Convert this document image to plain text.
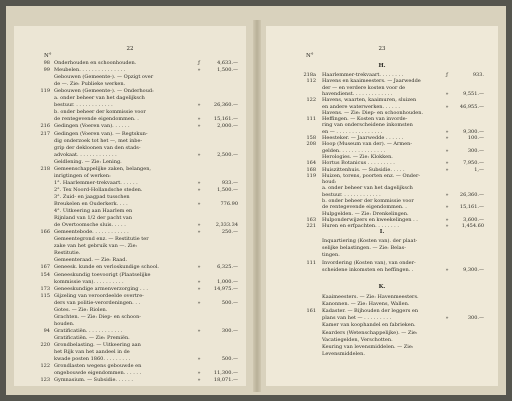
22
N°
98 Onderhouden en schoonhouden.	ƒ	4,633.—
99 Meubelen. . . . . . . . . . . . . . .	»	1,500.—
Gebouwen (Gemeente-). — Opzigt over
de —. Zie: Publieke werken.
119 Gebouwen (Gemeente-). — Onderhoud:
a. onder beheer van het dagelijksch
bestuur. . . . . . . . . . . . .	»	26,360.—
b. onder beheer der kommissie voor
de rentegevende eigendommen. .	»	15,161.—
216 Gedingen (Voeren van). . . . . .	»	2,000.—
217 Gedingen (Voeren van). — Regtskun-
dig onderzoek tot het —, met inbe-
grip der dekloonen van den stads-
advokaat. . . . . . . . . . . . .	»	2,500.—
Geldlening. — Zie: Lening.
218 Gemeenschappelijke zaken, belangen,
inrigtingen of werken:
1°. Haarlemmer-trekvaart. . . . . .	»	933.—
2°. Tex Noord-Hollandsche steden.	»	1,500.—
3°. Zuid- en jaagpad tusschen
Breukelen en Ouderkerk. . . .	»	776.90
4°. Uitkeering aan Haarlem en
Rijnland van 1/2 der pacht van
de Overtoomsche sluis. . . . .	»	2,333.34
166 Gemeentebode. . . . . . . . . . . .	»	250.—
Gemeentegrond enz. — Restitutie ter
zake van het gebruik van —. Zie:
Restitutie.
Gemeenteraad. — Zie: Raad.
167 Geneesk. kunde en verloskundige school.	»	6,325.—
154 Geneeskundig toevoorigt (Plaatselijke
kommissie van). . . . . . . . . .	»	1,000.—
173 Geneeskundige armenverzorging . . .	»	14,975.—
115 Gijzeling van veroordeelde overtre-
ders van politie-verordeningen. . .	»	500.—
Gotes. — Zie: Riolen.
Grachten. — Zie: Diep- en schoon-
houden.
94 Gratificatiën. . . . . . . . . . . .	»	300.—
Gratificatiën. — Zie: Premiën.
220 Grondbelasting. — Uitkeering aan
het Rijk van het aandeel in de
kwade posten 1860. . . . . . . . .	»	500.—
122 Grondlasten wegens gebouwde en
ongebouwde eigendommen. . . . . .	»	11,300.—
123 Gymnasium. — Subsidie. . . . . .	»	18,071.—
23
N°
H.
218a Haarlemmer-trekvaart. . . . . . . .	ƒ	933.
112 Havens en kaaimeesters. — Jaarwedde
der — en verdere kosten voor de
havendienst. . . . . . . . . . . . .	»	9,551.—
122 Havens, waarten, kaaimuren, sluizen
en andere waterwerken. . . . . .	»	46,955.—
Havens. — Zie: Diep- en schoonhouden.
111 Heffingen. — Kosten van invorde-
ring van onderscheidene inkomsten
en — . . . . . . . . . . . . . . .	»	9,300.—
158 Heesteker. — Jaarwedde . . . . . .	»	100.—
208 Hoop (Museum van der). — Armen-
gelden. . . . . . . . . . . . . . .	»	300.—
Herologies. — Zie: Klokken.
164 Hortus Botanicus . . . . . . . . .	»	7,950.—
168 Huiszittenhuis. — Subsidie. . . . .	»	1,—
119 Huizen, torens, poorten enz. — Onder-
houd:
a. onder beheer van het dagelijksch
bestuur. . . . . . . . . . . . .	»	26,360.—
b. onder beheer der kommissie voor
de rentegevende eigendommen. .	»	15,161.—
Hulpgelden. — Zie: Drenkelingen.
163 Hulponderwijzers en kweekelingen . .	»	3,600.—
221 Huren en erfpachten. . . . . . . .	»	1,454.60
I.
Inquartiering (Kosten van). der plaat-
selijke belastingen. — Zie: Belas-
tingen.
111 Invordering (Kosten van), van onder-
scheidene inkomsten en heffingen. .	»	9,300.—
K.
Kaaimeesters. — Zie: Havenmeesters.
Kanonnen. — Zie: Havens, Wallen.
161 Kadaster. — Bijhouden der leggers en
plans van het — . . . . . . . . .	»	300.—
Kamer van koophandel en fabrieken.
Kearders (Wetenschappelijke). — Zie:
Vacatiegelden, Verschotten.
Keuring van levensmiddelen. — Zie:
Levensmiddelen.
